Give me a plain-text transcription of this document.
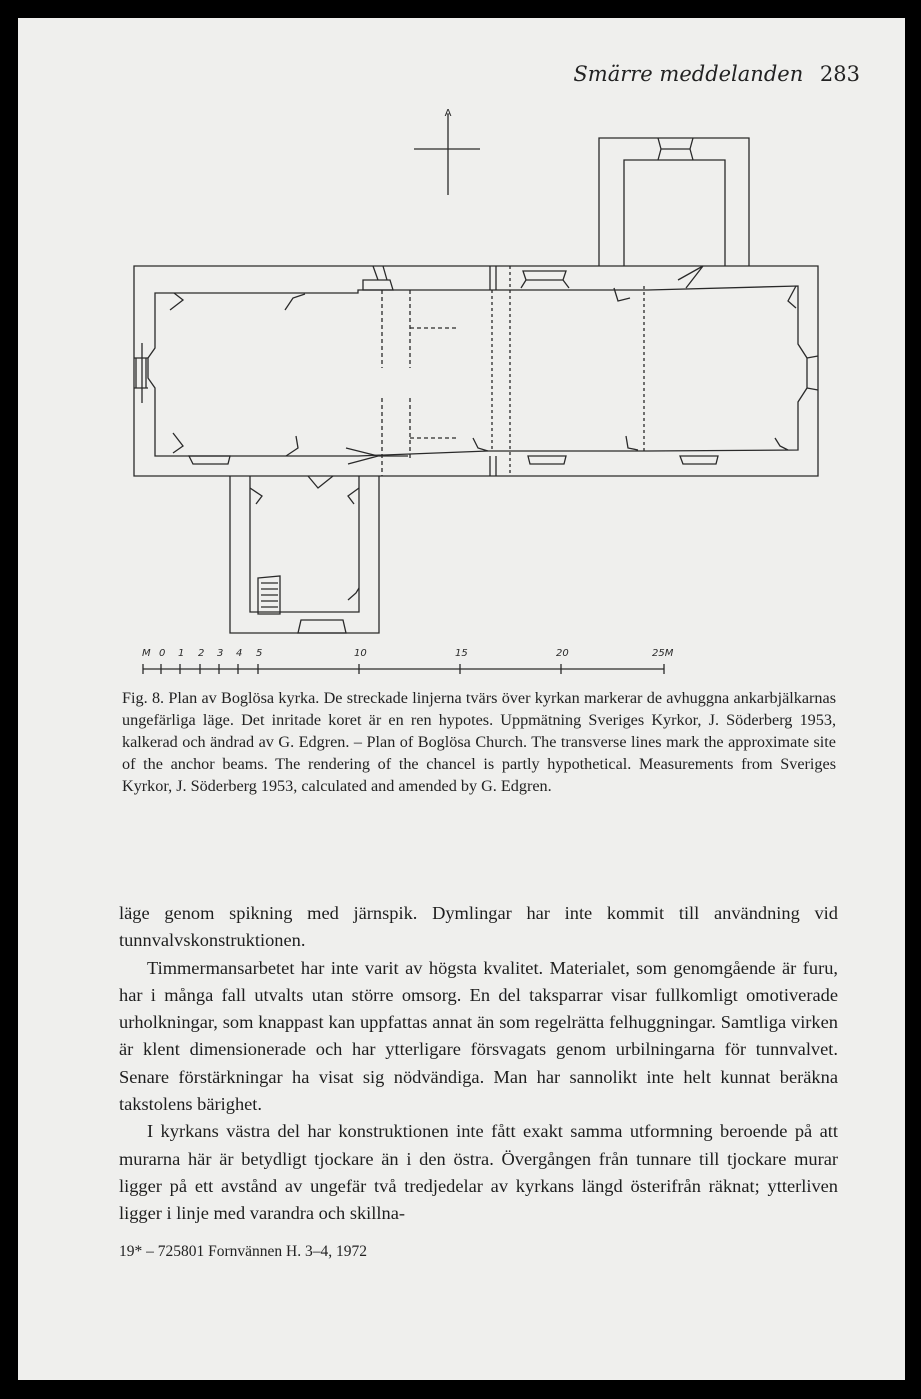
Smärre meddelanden 283
A
M 0 1 2 3 4 5	10	15	20	25M
Fig. 8. Plan av Boglösa kyrka. De streckade linjerna tvärs över kyrkan markerar de avhuggna ankarbjälkarnas ungefärliga läge. Det inritade koret är en ren hypotes. Uppmätning Sveriges Kyrkor, J. Söderberg 1953, kalkerad och ändrad av G. Edgren. – Plan of Boglösa Church. The transverse lines mark the approximate site of the anchor beams. The rendering of the chancel is partly hypothetical. Measurements from Sveriges Kyrkor, J. Söderberg 1953, calculated and amended by G. Edgren.

läge genom spikning med järnspik. Dymlingar har inte kommit till användning vid tunnvalvskonstruktionen.

Timmermansarbetet har inte varit av högsta kvalitet. Materialet, som genomgående är furu, har i många fall utvalts utan större omsorg. En del taksparrar visar fullkomligt omotiverade urholkningar, som knappast kan uppfattas annat än som regelrätta felhuggningar. Samtliga virken är klent dimensionerade och har ytterligare försvagats genom urbilningarna för tunnvalvet. Senare förstärkningar ha visat sig nödvändiga. Man har sannolikt inte helt kunnat beräkna takstolens bärighet.

I kyrkans västra del har konstruktionen inte fått exakt samma utformning beroende på att murarna här är betydligt tjockare än i den östra. Övergången från tunnare till tjockare murar ligger på ett avstånd av ungefär två tredjedelar av kyrkans längd österifrån räknat; ytterliven ligger i linje med varandra och skillna-

19* – 725801 Fornvännen H. 3–4, 1972
